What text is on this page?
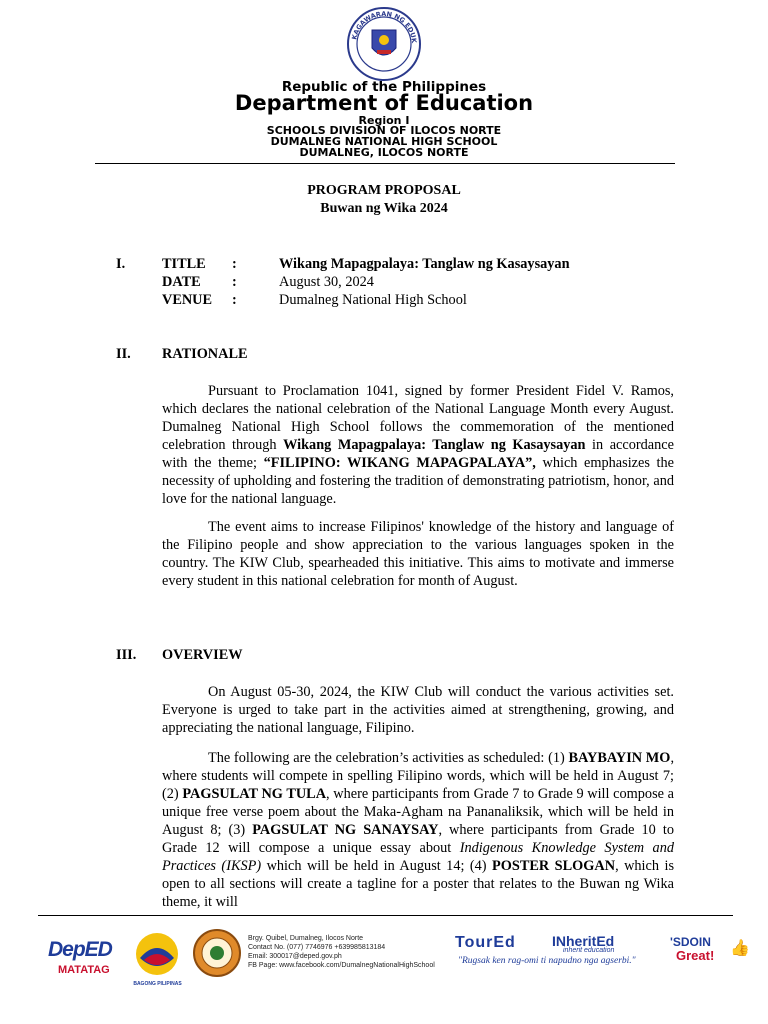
KAGAWARAN NG EDUK
Republic of the Philippines
Department of Education
Region I
SCHOOLS DIVISION OF ILOCOS NORTE
DUMALNEG NATIONAL HIGH SCHOOL
DUMALNEG, ILOCOS NORTE
PROGRAM PROPOSAL
Buwan ng Wika 2024
I.	TITLE :	Wikang Mapagpalaya: Tanglaw ng Kasaysayan
DATE :	August 30, 2024
VENUE :	Dumalneg National High School
II. RATIONALE

Pursuant to Proclamation 1041, signed by former President Fidel V. Ramos, which declares the national celebration of the National Language Month every August. Dumalneg National High School follows the commemoration of the mentioned celebration through Wikang Mapagpalaya: Tanglaw ng Kasaysayan in accordance with the theme; “FILIPINO: WIKANG MAPAGPALAYA”, which emphasizes the necessity of upholding and fostering the tradition of demonstrating patriotism, honor, and love for the national language.

The event aims to increase Filipinos' knowledge of the history and language of the Filipino people and show appreciation to the various languages spoken in the country. The KIW Club, spearheaded this initiative. This aims to motivate and immerse every student in this national celebration for month of August.

III. OVERVIEW

On August 05-30, 2024, the KIW Club will conduct the various activities set. Everyone is urged to take part in the activities aimed at strengthening, growing, and appreciating the national language, Filipino.

The following are the celebration’s activities as scheduled: (1) BAYBAYIN MO, where students will compete in spelling Filipino words, which will be held in August 7; (2) PAGSULAT NG TULA, where participants from Grade 7 to Grade 9 will compose a unique free verse poem about the Maka-Agham na Pananaliksik, which will be held in August 8; (3) PAGSULAT NG SANAYSAY, where participants from Grade 10 to Grade 12 will compose a unique essay about Indigenous Knowledge System and Practices (IKSP) which will be held in August 14; (4) POSTER SLOGAN, which is open to all sections will create a tagline for a poster that relates to the Buwan ng Wika theme, it will

DepED
MATATAG
BAGONG PILIPINAS
Brgy. Quibel, Dumalneg, Ilocos Norte
Contact No. (077) 7746976 +639985813184
Email: 300017@deped.gov.ph
FB Page: www.facebook.com/DumalnegNationalHighSchool
TourEd	INheritEd
inherit education
"Rugsak ken rag-omi ti napudno nga agserbi."
'SDOIN
Great! 👍
